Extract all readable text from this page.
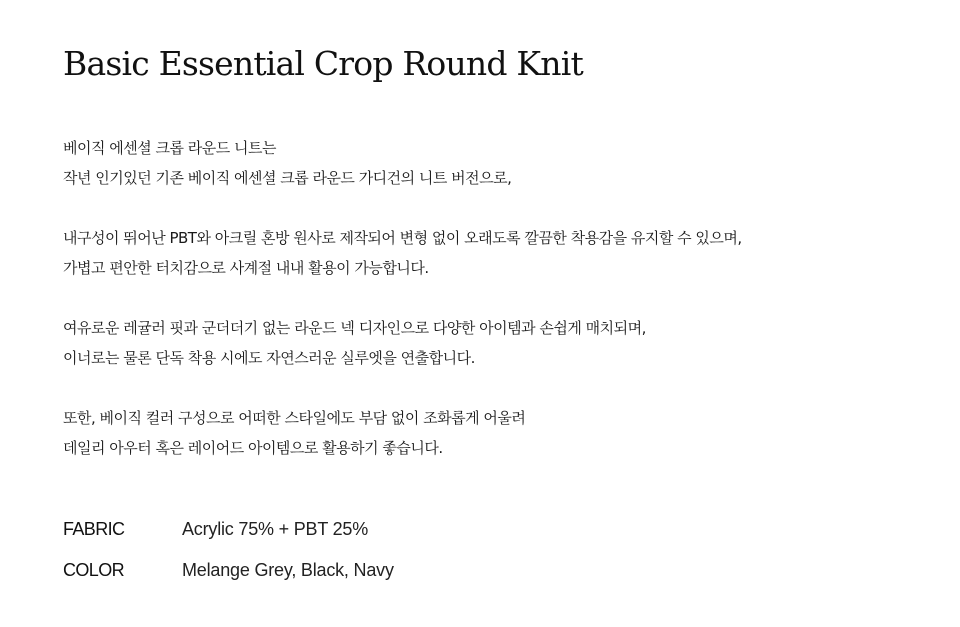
Basic Essential Crop Round Knit

베이직 에센셜 크롭 라운드 니트는
작년 인기있던 기존 베이직 에센셜 크롭 라운드 가디건의 니트 버전으로,

내구성이 뛰어난 PBT와 아크릴 혼방 원사로 제작되어 변형 없이 오래도록 깔끔한 착용감을 유지할 수 있으며,
가볍고 편안한 터치감으로 사계절 내내 활용이 가능합니다.

여유로운 레귤러 핏과 군더더기 없는 라운드 넥 디자인으로 다양한 아이템과 손쉽게 매치되며,
이너로는 물론 단독 착용 시에도 자연스러운 실루엣을 연출합니다.

또한, 베이직 컬러 구성으로 어떠한 스타일에도 부담 없이 조화롭게 어울려
데일리 아우터 혹은 레이어드 아이템으로 활용하기 좋습니다.

FABRIC	Acrylic 75% + PBT 25%
COLOR	Melange Grey, Black, Navy
